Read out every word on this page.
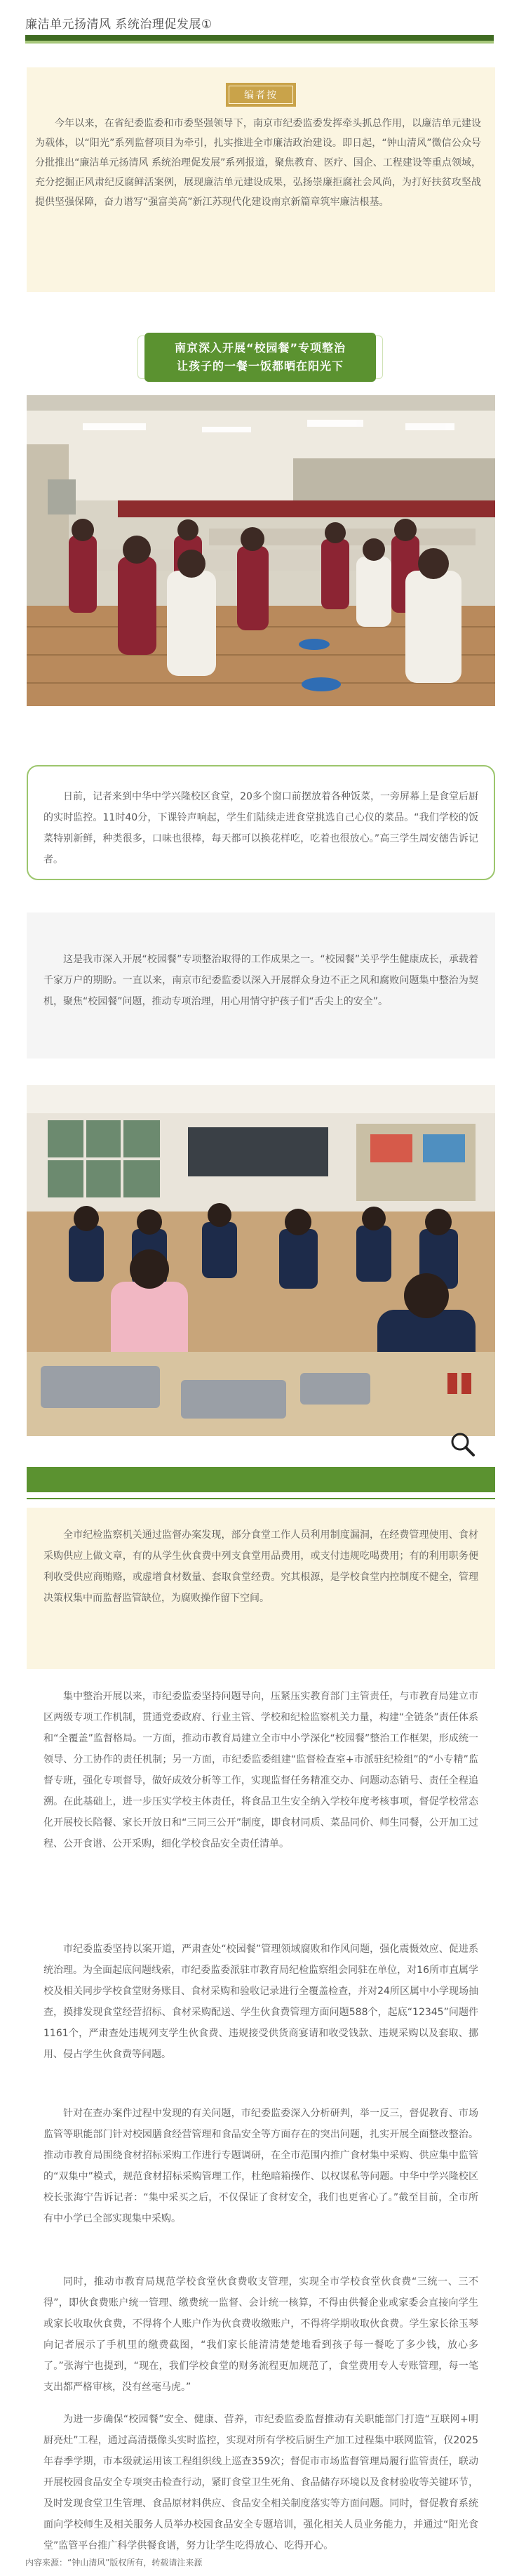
廉洁单元扬清风 系统治理促发展①
编者按
今年以来，在省纪委监委和市委坚强领导下，南京市纪委监委发挥牵头抓总作用，以廉洁单元建设为载体，以“阳光”系列监督项目为牵引，扎实推进全市廉洁政治建设。即日起，“钟山清风”微信公众号分批推出“廉洁单元扬清风 系统治理促发展”系列报道，聚焦教育、医疗、国企、工程建设等重点领域，充分挖掘正风肃纪反腐鲜活案例，展现廉洁单元建设成果，弘扬崇廉拒腐社会风尚，为打好扶贫攻坚战提供坚强保障，奋力谱写“强富美高”新江苏现代化建设南京新篇章筑牢廉洁根基。
南京深入开展“校园餐”专项整治
让孩子的一餐一饭都晒在阳光下
日前，记者来到中华中学兴隆校区食堂，20多个窗口前摆放着各种饭菜，一旁屏幕上是食堂后厨的实时监控。11时40分，下课铃声响起，学生们陆续走进食堂挑选自己心仪的菜品。“我们学校的饭菜特别新鲜，种类很多，口味也很棒，每天都可以换花样吃，吃着也很放心。”高三学生周安德告诉记者。
这是我市深入开展“校园餐”专项整治取得的工作成果之一。“校园餐”关乎学生健康成长，承载着千家万户的期盼。一直以来，南京市纪委监委以深入开展群众身边不正之风和腐败问题集中整治为契机，聚焦“校园餐”问题，推动专项治理，用心用情守护孩子们“舌尖上的安全”。
全市纪检监察机关通过监督办案发现，部分食堂工作人员利用制度漏洞，在经费管理使用、食材采购供应上做文章，有的从学生伙食费中列支食堂用品费用，或支付违规吃喝费用；有的利用职务便利收受供应商贿赂，或虚增食材数量、套取食堂经费。究其根源，是学校食堂内控制度不健全，管理决策权集中而监督监管缺位，为腐败操作留下空间。
集中整治开展以来，市纪委监委坚持问题导向，压紧压实教育部门主管责任，与市教育局建立市区两级专项工作机制，贯通党委政府、行业主管、学校和纪检监察机关力量，构建“全链条”责任体系和“全覆盖”监督格局。一方面，推动市教育局建立全市中小学深化“校园餐”整治工作框架，形成统一领导、分工协作的责任机制；另一方面，市纪委监委组建“监督检查室+市派驻纪检组”的“小专精”监督专班，强化专项督导，做好成效分析等工作，实现监督任务精准交办、问题动态销号、责任全程追溯。在此基础上，进一步压实学校主体责任，将食品卫生安全纳入学校年度考核事项，督促学校常态化开展校长陪餐、家长开放日和“三同三公开”制度，即食材同质、菜品同价、师生同餐，公开加工过程、公开食谱、公开采购，细化学校食品安全责任清单。
市纪委监委坚持以案开道，严肃查处“校园餐”管理领域腐败和作风问题，强化震慑效应、促进系统治理。为全面起底问题线索，市纪委监委派驻市教育局纪检监察组会同驻在单位，对16所市直属学校及相关同步学校食堂财务账目、食材采购和验收记录进行全覆盖检查，并对24所区属中小学现场抽查，摸排发现食堂经营招标、食材采购配送、学生伙食费管理方面问题588个，起底“12345”问题件1161个，严肃查处违规列支学生伙食费、违规接受供货商宴请和收受钱款、违规采购以及套取、挪用、侵占学生伙食费等问题。
针对在查办案件过程中发现的有关问题，市纪委监委深入分析研判，举一反三，督促教育、市场监管等职能部门针对校园膳食经营管理和食品安全等方面存在的突出问题，扎实开展全面整改整治。推动市教育局围绕食材招标采购工作进行专题调研，在全市范围内推广食材集中采购、供应集中监管的“双集中”模式，规范食材招标采购管理工作，杜绝暗箱操作、以权谋私等问题。中华中学兴隆校区校长张海宁告诉记者：“集中采买之后，不仅保证了食材安全，我们也更省心了。”截至目前，全市所有中小学已全部实现集中采购。
同时，推动市教育局规范学校食堂伙食费收支管理，实现全市学校食堂伙食费“三统一、三不得”，即伙食费账户统一管理、缴费统一监督、会计统一核算，不得由供餐企业或家委会直接向学生或家长收取伙食费，不得将个人账户作为伙食费收缴账户，不得将学期收取伙食费。学生家长徐玉琴向记者展示了手机里的缴费截图，“我们家长能清清楚楚地看到孩子每一餐吃了多少钱，放心多了。”张海宁也提到，“现在，我们学校食堂的财务流程更加规范了，食堂费用专人专账管理，每一笔支出都严格审核，没有丝毫马虎。”
为进一步确保“校园餐”安全、健康、营养，市纪委监委监督推动有关职能部门打造“互联网+明厨亮灶”工程，通过高清摄像头实时监控，实现对所有学校后厨生产加工过程集中联网监管，仅2025年春季学期，市本级就运用该工程组织线上巡查359次；督促市市场监督管理局履行监管责任，联动开展校园食品安全专项突击检查行动，紧盯食堂卫生死角、食品储存环境以及食材验收等关键环节，及时发现食堂卫生管理、食品原材料供应、食品安全相关制度落实等方面问题。同时，督促教育系统面向学校师生及相关服务人员举办校园食品安全专题培训，强化相关人员业务能力，并通过“阳光食堂”监管平台推广科学供餐食谱，努力让学生吃得放心、吃得开心。
内容来源：“钟山清风”版权所有，转载请注来源
